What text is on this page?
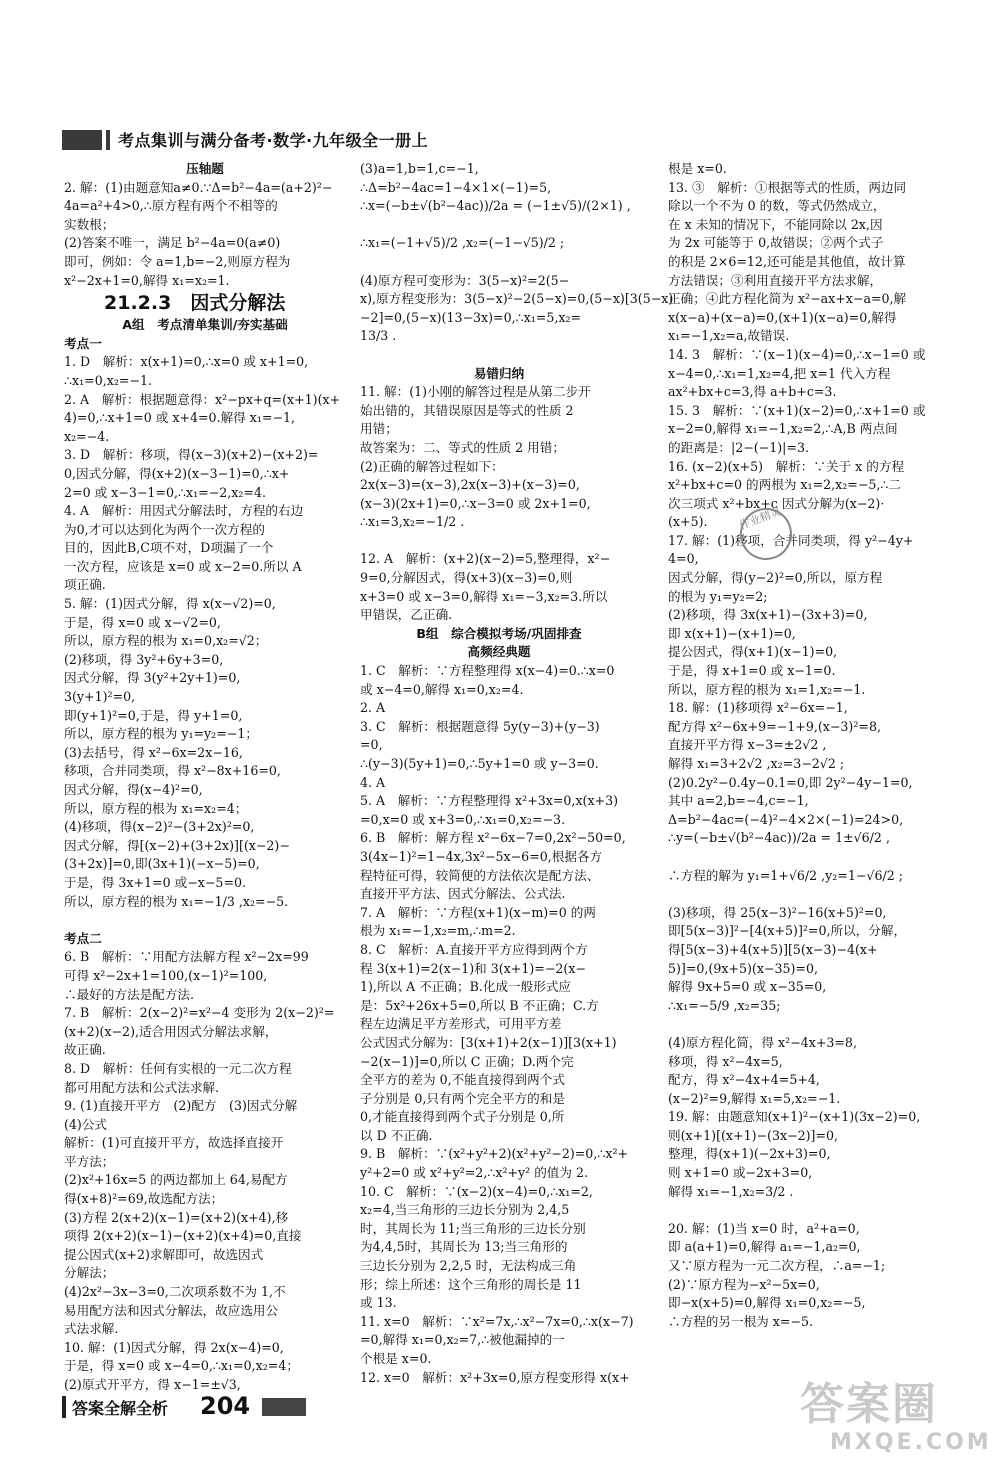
考点集训与满分备考·数学·九年级全一册上
压轴题
2. 解：(1)由题意知a≠0.∵Δ=b²−4a=(a+2)²−
4a=a²+4>0,∴原方程有两个不相等的
实数根；
(2)答案不唯一，满足 b²−4a=0(a≠0)
即可，例如：令 a=1,b=−2,则原方程为
x²−2x+1=0,解得 x₁=x₂=1.
21.2.3　因式分解法
A组　考点清单集训/夯实基础
考点一
1. D　解析：x(x+1)=0,∴x=0 或 x+1=0,
∴x₁=0,x₂=−1.
2. A　解析：根据题意得：x²−px+q=(x+1)(x+
4)=0,∴x+1=0 或 x+4=0.解得 x₁=−1,
x₂=−4.
3. D　解析：移项，得(x−3)(x+2)−(x+2)=
0,因式分解，得(x+2)(x−3−1)=0,∴x+
2=0 或 x−3−1=0,∴x₁=−2,x₂=4.
4. A　解析：用因式分解法时，方程的右边
为0,才可以达到化为两个一次方程的
目的，因此B,C项不对，D项漏了一个
一次方程，应该是 x=0 或 x−2=0.所以 A
项正确.
5. 解：(1)因式分解，得 x(x−√2)=0,
于是，得 x=0 或 x−√2=0,
所以，原方程的根为 x₁=0,x₂=√2；
(2)移项，得 3y²+6y+3=0,
因式分解，得 3(y²+2y+1)=0,
3(y+1)²=0,
即(y+1)²=0,于是，得 y+1=0,
所以，原方程的根为 y₁=y₂=−1；
(3)去括号，得 x²−6x=2x−16,
移项，合并同类项，得 x²−8x+16=0,
因式分解，得(x−4)²=0,
所以，原方程的根为 x₁=x₂=4；
(4)移项，得(x−2)²−(3+2x)²=0,
因式分解，得[(x−2)+(3+2x)][(x−2)−
(3+2x)]=0,即(3x+1)(−x−5)=0,
于是，得 3x+1=0 或−x−5=0.
所以，原方程的根为 x₁=−1/3 ,x₂=−5.
考点二
6. B　解析：∵用配方法解方程 x²−2x=99
可得 x²−2x+1=100,(x−1)²=100,
∴最好的方法是配方法.
7. B　解析：2(x−2)²=x²−4 变形为 2(x−2)²=
(x+2)(x−2),适合用因式分解法求解，
故正确.
8. D　解析：任何有实根的一元二次方程
都可用配方法和公式法求解.
9. (1)直接开平方　(2)配方　(3)因式分解
(4)公式
解析：(1)可直接开平方，故选择直接开
平方法；
(2)x²+16x=5 的两边都加上 64,易配方
得(x+8)²=69,故选配方法；
(3)方程 2(x+2)(x−1)=(x+2)(x+4),移
项得 2(x+2)(x−1)−(x+2)(x+4)=0,直接
提公因式(x+2)求解即可，故选因式
分解法；
(4)2x²−3x−3=0,二次项系数不为 1,不
易用配方法和因式分解法，故应选用公
式法求解.
10. 解：(1)因式分解，得 2x(x−4)=0,
于是，得 x=0 或 x−4=0,∴x₁=0,x₂=4；
(2)原式开平方，得 x−1=±√3,
(3)a=1,b=1,c=−1,
∴Δ=b²−4ac=1−4×1×(−1)=5,
∴x=(−b±√(b²−4ac))/2a = (−1±√5)/(2×1) ,
∴x₁=(−1+√5)/2 ,x₂=(−1−√5)/2 ;
(4)原方程可变形为：3(5−x)²=2(5−
x),原方程变形为：3(5−x)²−2(5−x)=0,(5−x)[3(5−x)
−2]=0,(5−x)(13−3x)=0,∴x₁=5,x₂=
13/3 .
易错归纳
11. 解：(1)小刚的解答过程是从第二步开
始出错的，其错误原因是等式的性质 2
用错；
故答案为：二、等式的性质 2 用错；
(2)正确的解答过程如下：
2x(x−3)=(x−3),2x(x−3)+(x−3)=0,
(x−3)(2x+1)=0,∴x−3=0 或 2x+1=0,
∴x₁=3,x₂=−1/2 .
12. A　解析：(x+2)(x−2)=5,整理得，x²−
9=0,分解因式，得(x+3)(x−3)=0,则
x+3=0 或 x−3=0,解得 x₁=−3,x₂=3.所以
甲错误，乙正确.
B组　综合模拟考场/巩固排查
高频经典题
1. C　解析：∵方程整理得 x(x−4)=0.∴x=0
或 x−4=0,解得 x₁=0,x₂=4.
2. A
3. C　解析：根据题意得 5y(y−3)+(y−3)
=0,
∴(y−3)(5y+1)=0,∴5y+1=0 或 y−3=0.
4. A
5. A　解析：∵方程整理得 x²+3x=0,x(x+3)
=0,x=0 或 x+3=0,∴x₁=0,x₂=−3.
6. B　解析：解方程 x²−6x−7=0,2x²−50=0,
3(4x−1)²=1−4x,3x²−5x−6=0,根据各方
程特征可得，较简便的方法依次是配方法、
直接开平方法、因式分解法、公式法.
7. A　解析：∵方程(x+1)(x−m)=0 的两
根为 x₁=−1,x₂=m,∴m=2.
8. C　解析：A.直接开平方应得到两个方
程 3(x+1)=2(x−1)和 3(x+1)=−2(x−
1),所以 A 不正确；B.化成一般形式应
是：5x²+26x+5=0,所以 B 不正确；C.方
程左边满足平方差形式，可用平方差
公式因式分解为：[3(x+1)+2(x−1)][3(x+1)
−2(x−1)]=0,所以 C 正确；D.两个完
全平方的差为 0,不能直接得到两个式
子分别是 0,只有两个完全平方的和是
0,才能直接得到两个式子分别是 0,所
以 D 不正确.
9. B　解析：∵(x²+y²+2)(x²+y²−2)=0,∴x²+
y²+2=0 或 x²+y²=2,∴x²+y² 的值为 2.
10. C　解析：∵(x−2)(x−4)=0,∴x₁=2,
x₂=4,当三角形的三边长分别为 2,4,5
时，其周长为 11;当三角形的三边长分别
为4,4,5时，其周长为 13;当三角形的
三边长分别为 2,2,5 时，无法构成三角
形；综上所述：这个三角形的周长是 11
或 13.
11. x=0　解析：∵x²=7x,∴x²−7x=0,∴x(x−7)
=0,解得 x₁=0,x₂=7,∴被他漏掉的一
个根是 x=0.
12. x=0　解析：x²+3x=0,原方程变形得 x(x+
根是 x=0.
13. ③　解析：①根据等式的性质，两边同
除以一个不为 0 的数，等式仍然成立，
在 x 未知的情况下，不能同除以 2x,因
为 2x 可能等于 0,故错误；②两个式子
的积是 2×6=12,还可能是其他值，故计算
方法错误；③利用直接开平方法求解，
正确；④此方程化简为 x²−ax+x−a=0,解
x(x−a)+(x−a)=0,(x+1)(x−a)=0,解得
x₁=−1,x₂=a,故错误.
14. 3　解析：∵(x−1)(x−4)=0,∴x−1=0 或
x−4=0,∴x₁=1,x₂=4,把 x=1 代入方程
ax²+bx+c=3,得 a+b+c=3.
15. 3　解析：∵(x+1)(x−2)=0,∴x+1=0 或
x−2=0,解得 x₁=−1,x₂=2,∴A,B 两点间
的距离是：|2−(−1)|=3.
16. (x−2)(x+5)　解析：∵关于 x 的方程
x²+bx+c=0 的两根为 x₁=2,x₂=−5,∴二
次三项式 x²+bx+c 因式分解为(x−2)·
(x+5).
17. 解：(1)移项，合并同类项，得 y²−4y+
4=0,
因式分解，得(y−2)²=0,所以，原方程
的根为 y₁=y₂=2;
(2)移项，得 3x(x+1)−(3x+3)=0,
即 x(x+1)−(x+1)=0,
提公因式，得(x+1)(x−1)=0,
于是，得 x+1=0 或 x−1=0.
所以，原方程的根为 x₁=1,x₂=−1.
18. 解：(1)移项得 x²−6x=−1,
配方得 x²−6x+9=−1+9,(x−3)²=8,
直接开平方得 x−3=±2√2 ,
解得 x₁=3+2√2 ,x₂=3−2√2 ;
(2)0.2y²−0.4y−0.1=0,即 2y²−4y−1=0,
其中 a=2,b=−4,c=−1,
Δ=b²−4ac=(−4)²−4×2×(−1)=24>0,
∴y=(−b±√(b²−4ac))/2a = 1±√6/2 ,
∴方程的解为 y₁=1+√6/2 ,y₂=1−√6/2 ;
(3)移项，得 25(x−3)²−16(x+5)²=0,
即[5(x−3)]²−[4(x+5)]²=0,所以，分解，
得[5(x−3)+4(x+5)][5(x−3)−4(x+
5)]=0,(9x+5)(x−35)=0,
解得 9x+5=0 或 x−35=0,
∴x₁=−5/9 ,x₂=35;
(4)原方程化简，得 x²−4x+3=8,
移项，得 x²−4x=5,
配方，得 x²−4x+4=5+4,
(x−2)²=9,解得 x₁=5,x₂=−1.
19. 解：由题意知(x+1)²−(x+1)(3x−2)=0,
则(x+1)[(x+1)−(3x−2)]=0,
整理，得(x+1)(−2x+3)=0,
则 x+1=0 或−2x+3=0,
解得 x₁=−1,x₂=3/2 .
20. 解：(1)当 x=0 时，a²+a=0,
即 a(a+1)=0,解得 a₁=−1,a₂=0,
又∵原方程为一元二次方程，∴a=−1;
(2)∵原方程为−x²−5x=0,
即−x(x+5)=0,解得 x₁=0,x₂=−5,
∴方程的另一根为 x=−5.
作业精灵
答案全解全析 204	答案圈
MXQE.COM
